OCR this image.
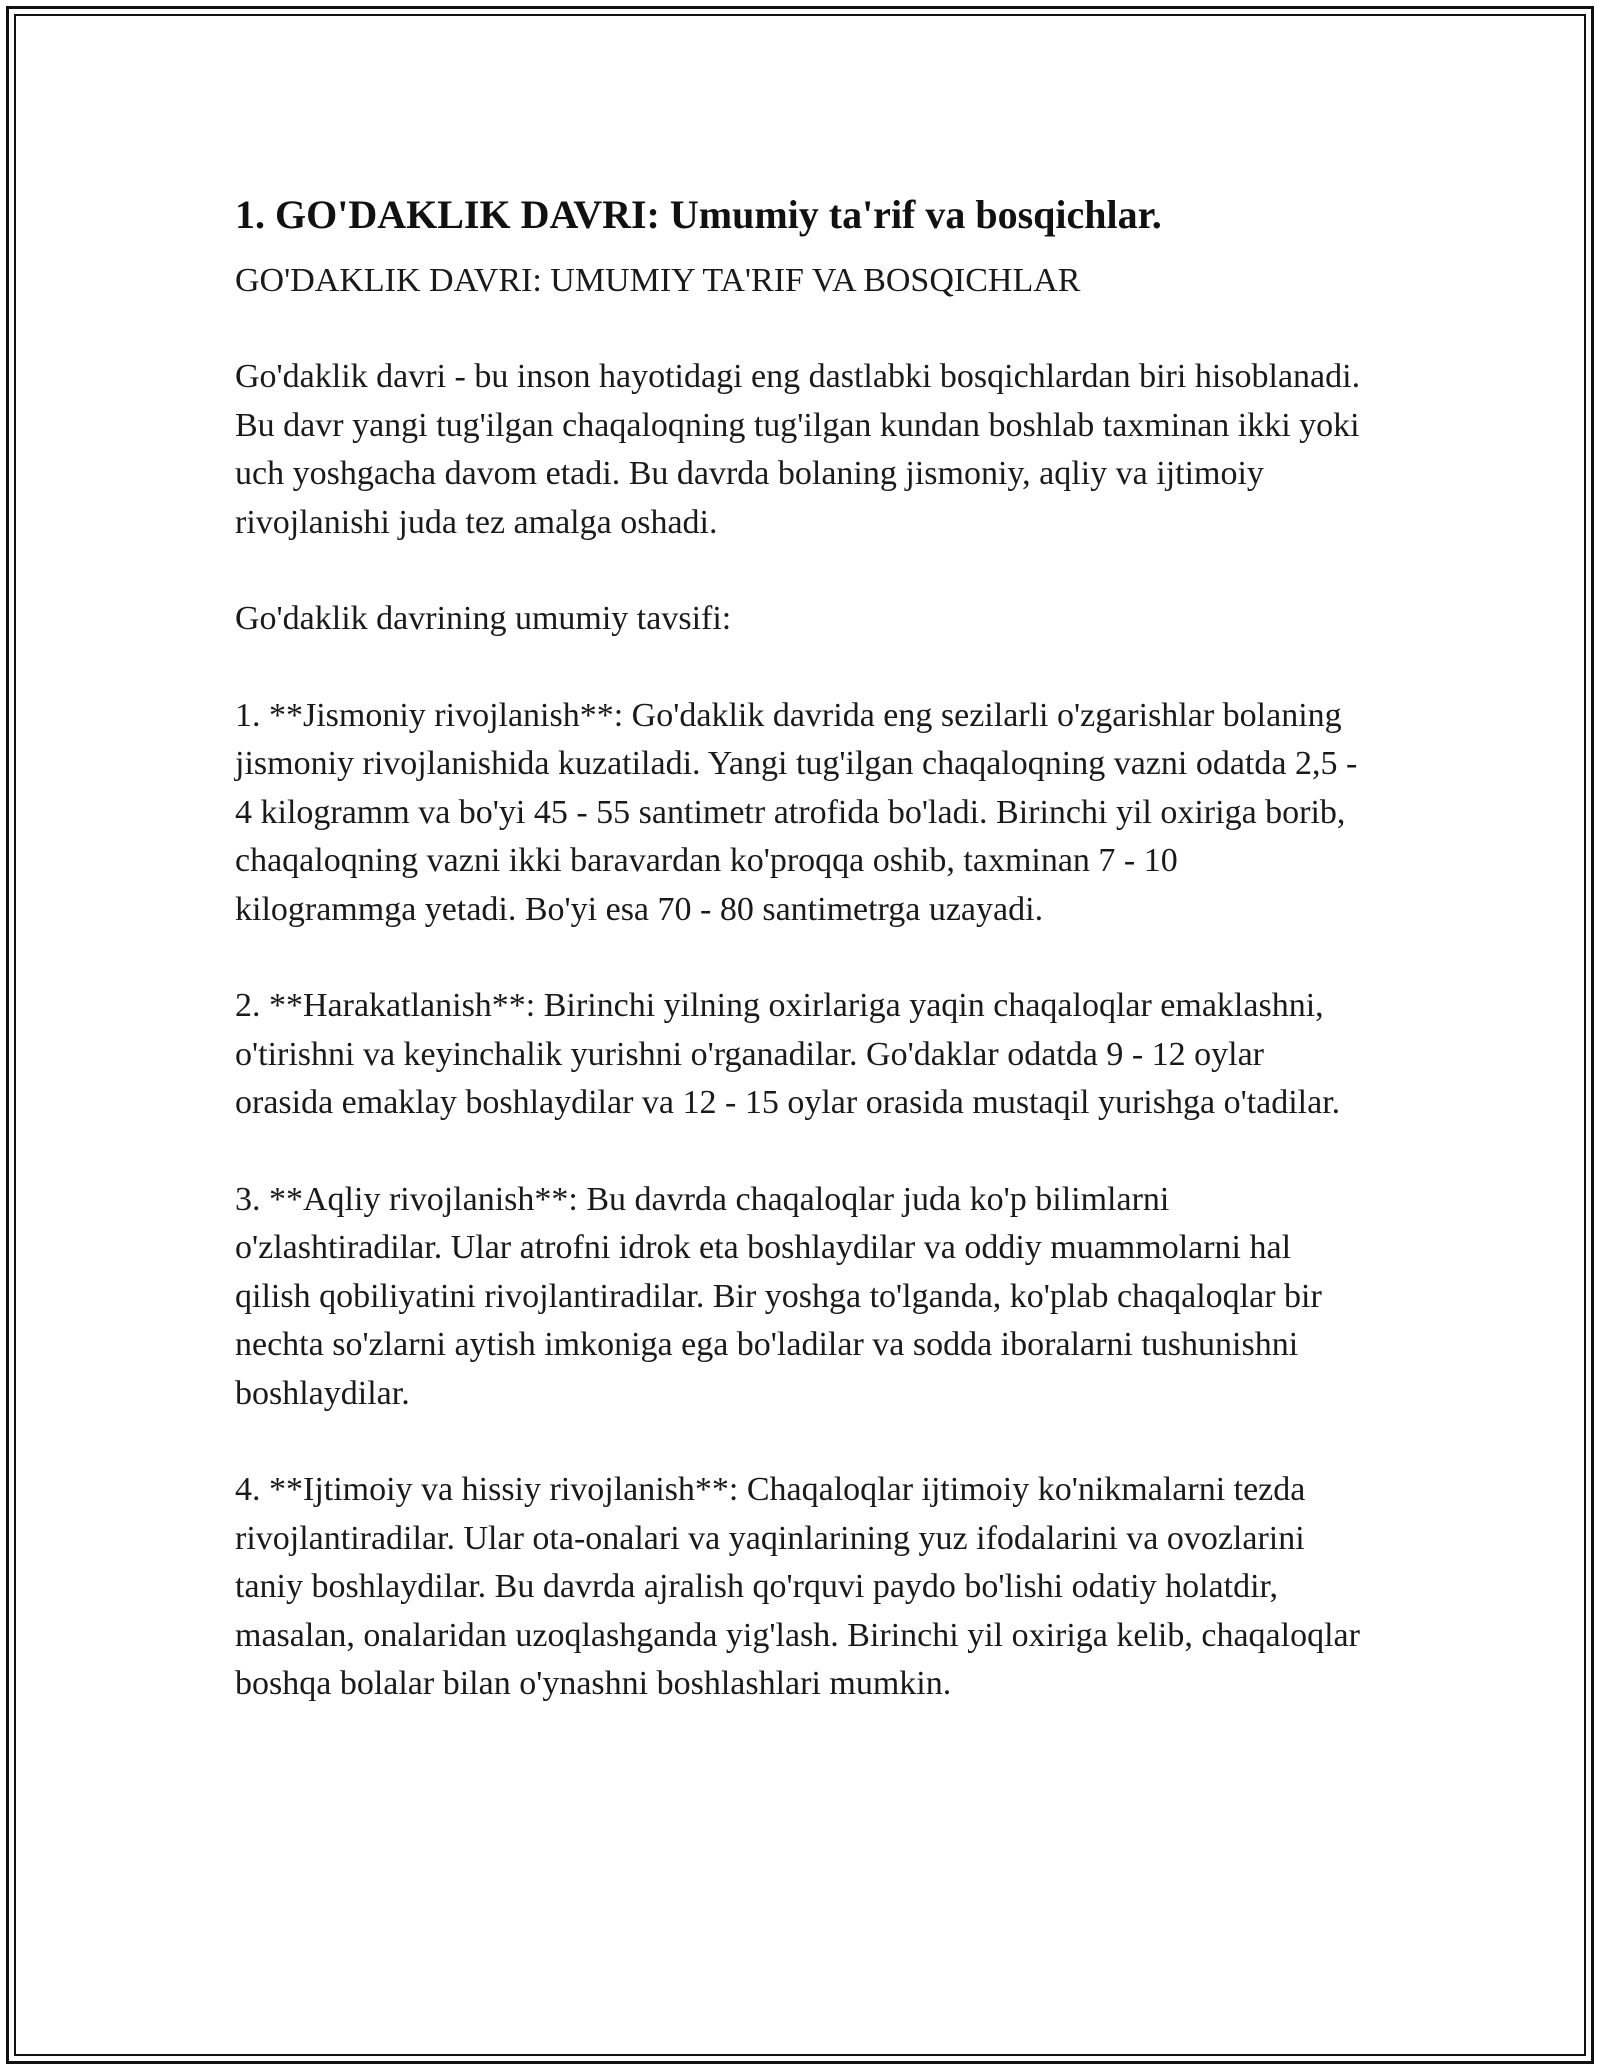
1. GO'DAKLIK DAVRI: Umumiy ta'rif va bosqichlar.

GO'DAKLIK DAVRI: UMUMIY TA'RIF VA BOSQICHLAR

Go'daklik davri - bu inson hayotidagi eng dastlabki bosqichlardan biri hisoblanadi. Bu davr yangi tug'ilgan chaqaloqning tug'ilgan kundan boshlab taxminan ikki yoki uch yoshgacha davom etadi. Bu davrda bolaning jismoniy, aqliy va ijtimoiy rivojlanishi juda tez amalga oshadi.

Go'daklik davrining umumiy tavsifi:

1. **Jismoniy rivojlanish**: Go'daklik davrida eng sezilarli o'zgarishlar bolaning jismoniy rivojlanishida kuzatiladi. Yangi tug'ilgan chaqaloqning vazni odatda 2,5 - 4 kilogramm va bo'yi 45 - 55 santimetr atrofida bo'ladi. Birinchi yil oxiriga borib, chaqaloqning vazni ikki baravardan ko'proqqa oshib, taxminan 7 - 10 kilogrammga yetadi. Bo'yi esa 70 - 80 santimetrga uzayadi.

2. **Harakatlanish**: Birinchi yilning oxirlariga yaqin chaqaloqlar emaklashni, o'tirishni va keyinchalik yurishni o'rganadilar. Go'daklar odatda 9 - 12 oylar orasida emaklay boshlaydilar va 12 - 15 oylar orasida mustaqil yurishga o'tadilar.

3. **Aqliy rivojlanish**: Bu davrda chaqaloqlar juda ko'p bilimlarni o'zlashtiradilar. Ular atrofni idrok eta boshlaydilar va oddiy muammolarni hal qilish qobiliyatini rivojlantiradilar. Bir yoshga to'lganda, ko'plab chaqaloqlar bir nechta so'zlarni aytish imkoniga ega bo'ladilar va sodda iboralarni tushunishni boshlaydilar.

4. **Ijtimoiy va hissiy rivojlanish**: Chaqaloqlar ijtimoiy ko'nikmalarni tezda rivojlantiradilar. Ular ota-onalari va yaqinlarining yuz ifodalarini va ovozlarini taniy boshlaydilar. Bu davrda ajralish qo'rquvi paydo bo'lishi odatiy holatdir, masalan, onalaridan uzoqlashganda yig'lash. Birinchi yil oxiriga kelib, chaqaloqlar boshqa bolalar bilan o'ynashni boshlashlari mumkin.
